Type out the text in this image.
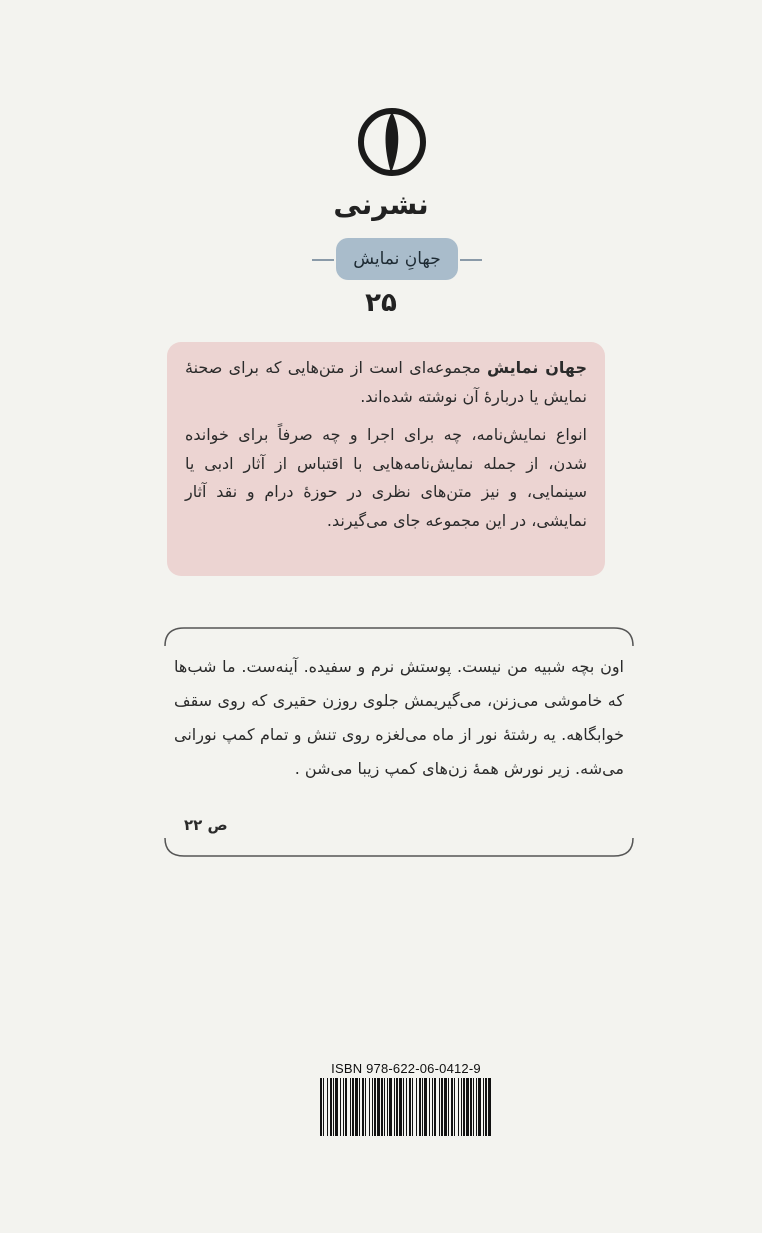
نشرنی
جهانِ نمایش
۲۵

جهان نمایش مجموعه‌ای است از متن‌هایی که برای صحنهٔ نمایش یا دربارهٔ آن نوشته شده‌اند.

انواع نمایش‌نامه، چه برای اجرا و چه صرفاً برای خوانده شدن، از جمله نمایش‌نامه‌هایی با اقتباس از آثار ادبی یا سینمایی، و نیز متن‌های نظری در حوزهٔ درام و نقد آثار نمایشی، در این مجموعه جای می‌گیرند.

اون بچه شبیه من نیست. پوستش نرم و سفیده. آینه‌ست. ما شب‌ها که خاموشی می‌زنن، می‌گیریمش جلوی روزن حقیری که روی سقف خوابگاهه. یه رشتهٔ نور از ماه می‌لغزه روی تنش و تمام کمپ نورانی می‌شه. زیر نورش همهٔ زن‌های کمپ زیبا می‌شن .
ص ۲۲
ISBN 978-622-06-0412-9
